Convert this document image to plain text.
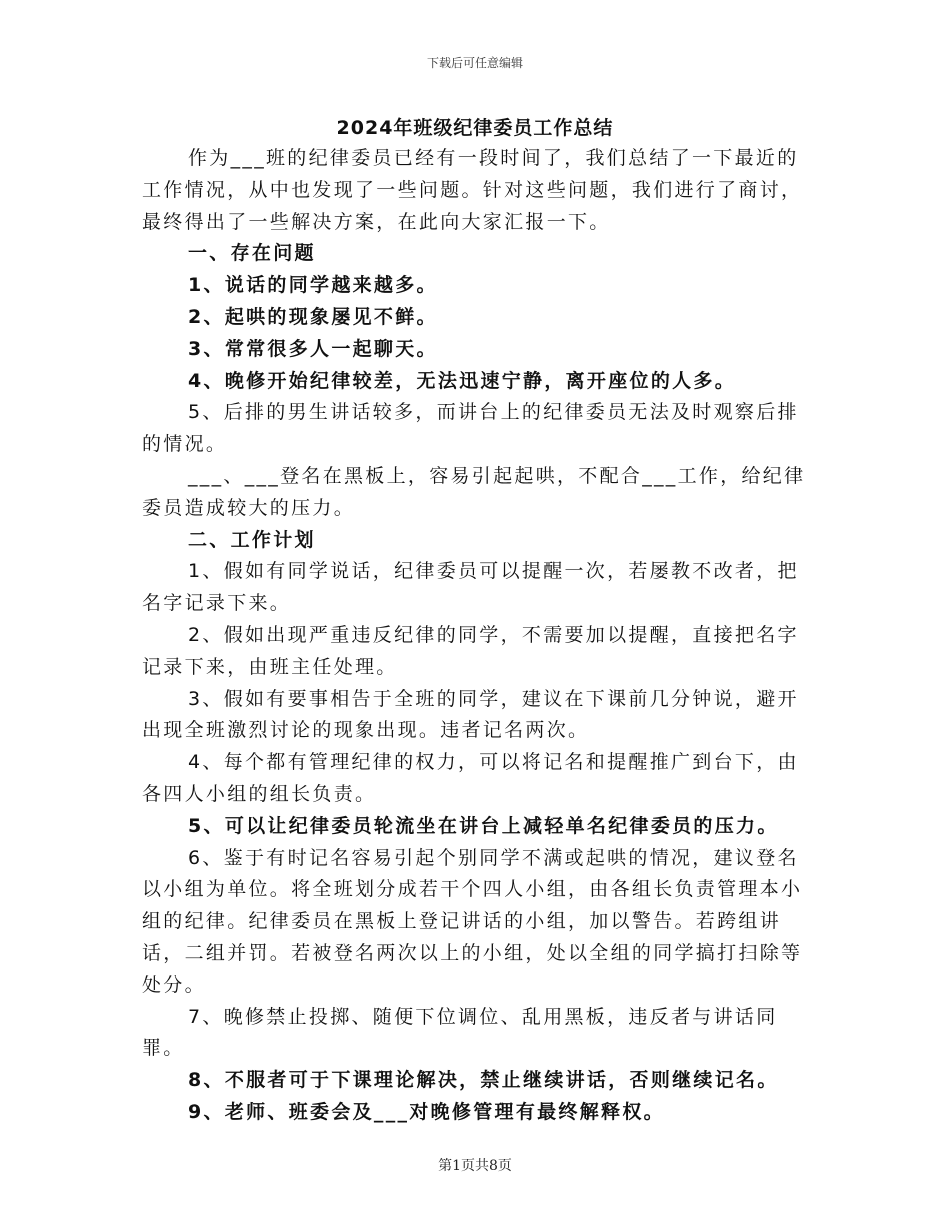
下载后可任意编辑
2024年班级纪律委员工作总结

作为___班的纪律委员已经有一段时间了，我们总结了一下最近的工作情况，从中也发现了一些问题。针对这些问题，我们进行了商讨，最终得出了一些解决方案，在此向大家汇报一下。

一、存在问题

1、说话的同学越来越多。

2、起哄的现象屡见不鲜。

3、常常很多人一起聊天。

4、晚修开始纪律较差，无法迅速宁静，离开座位的人多。

5、后排的男生讲话较多，而讲台上的纪律委员无法及时观察后排的情况。

___、___登名在黑板上，容易引起起哄，不配合___工作，给纪律委员造成较大的压力。

二、工作计划

1、假如有同学说话，纪律委员可以提醒一次，若屡教不改者，把名字记录下来。

2、假如出现严重违反纪律的同学，不需要加以提醒，直接把名字记录下来，由班主任处理。

3、假如有要事相告于全班的同学，建议在下课前几分钟说，避开出现全班激烈讨论的现象出现。违者记名两次。

4、每个都有管理纪律的权力，可以将记名和提醒推广到台下，由各四人小组的组长负责。

5、可以让纪律委员轮流坐在讲台上减轻单名纪律委员的压力。

6、鉴于有时记名容易引起个别同学不满或起哄的情况，建议登名以小组为单位。将全班划分成若干个四人小组，由各组长负责管理本小组的纪律。纪律委员在黑板上登记讲话的小组，加以警告。若跨组讲话，二组并罚。若被登名两次以上的小组，处以全组的同学搞打扫除等处分。

7、晚修禁止投掷、随便下位调位、乱用黑板，违反者与讲话同罪。

8、不服者可于下课理论解决，禁止继续讲话，否则继续记名。

9、老师、班委会及___对晚修管理有最终解释权。

第1页共8页
